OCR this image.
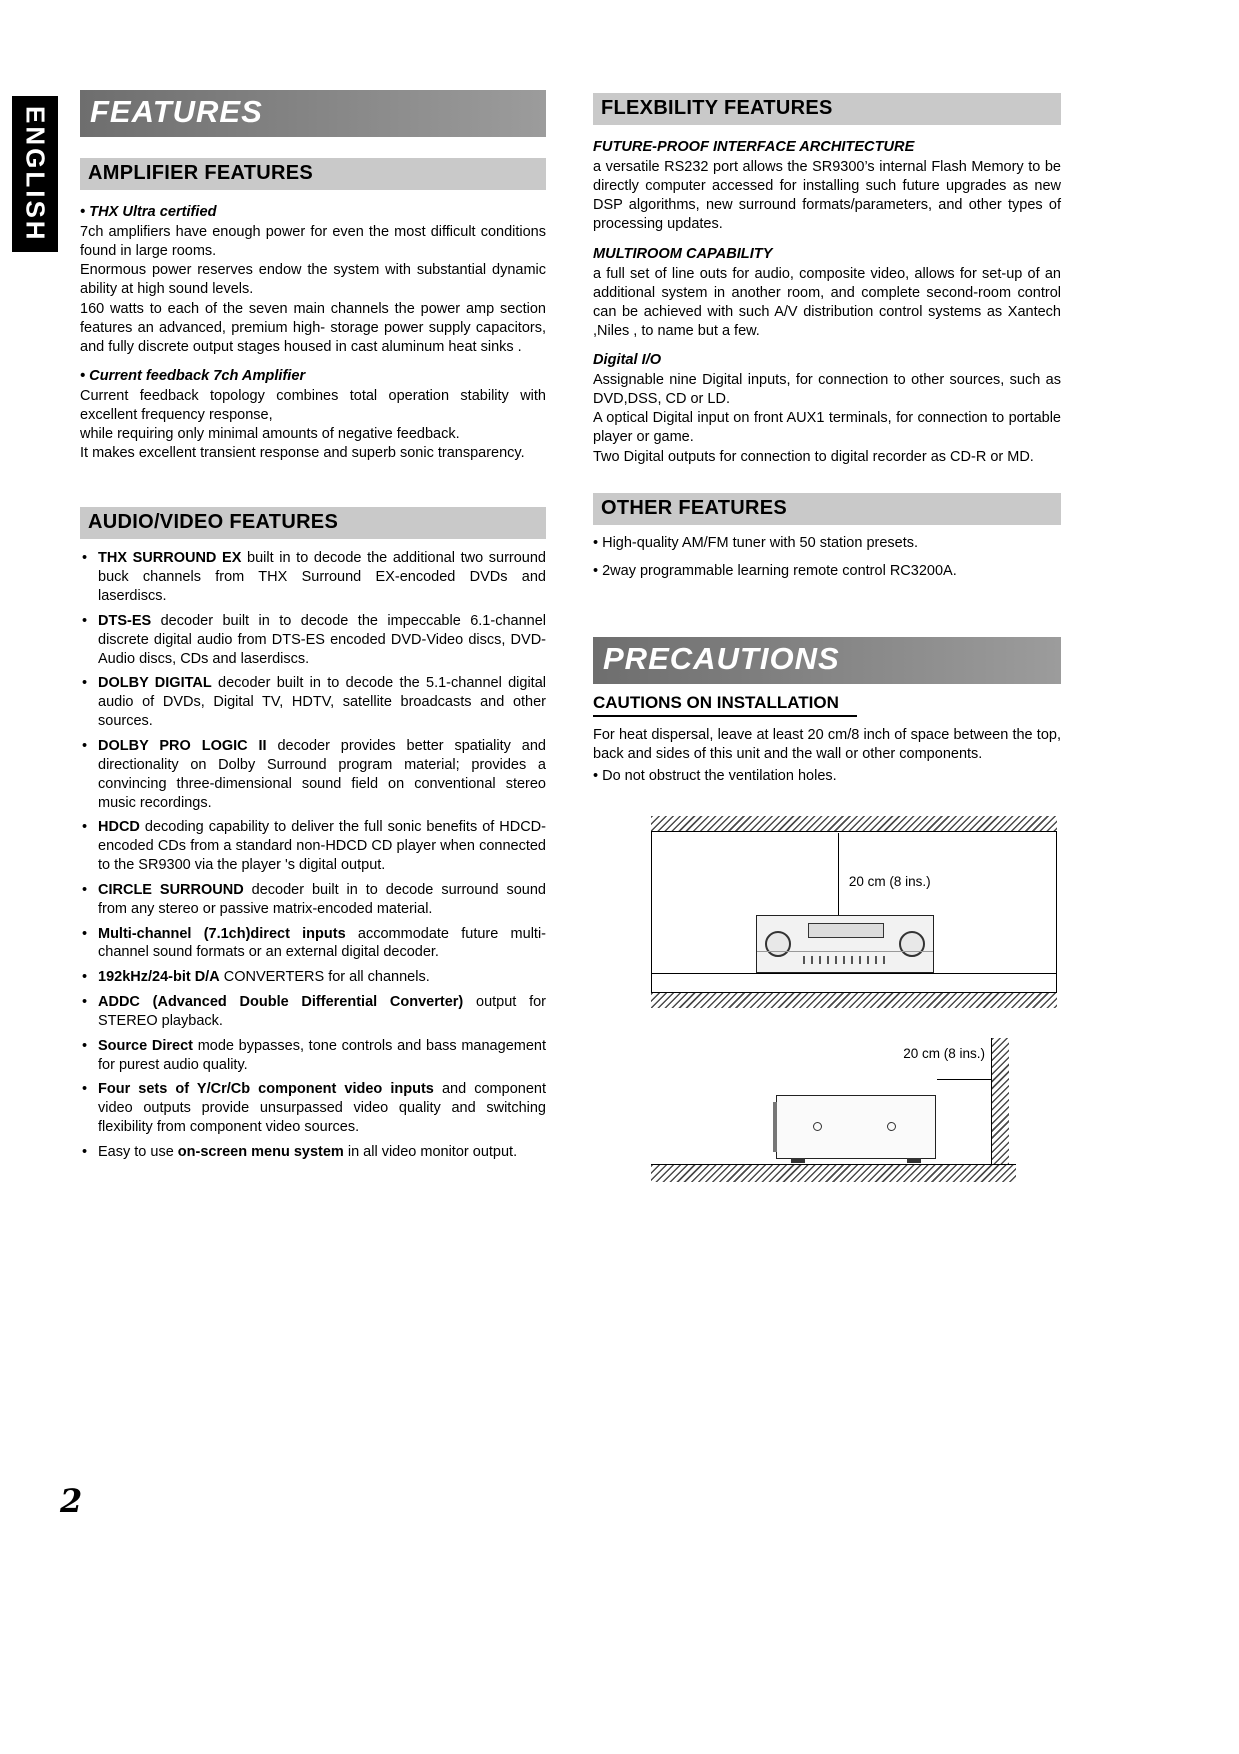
ENGLISH	FEATURES
AMPLIFIER FEATURES
• THX Ultra certified

7ch amplifiers have enough power for even the most difficult conditions found in large rooms.

Enormous power reserves endow the system with substantial dynamic ability at high sound levels.

160 watts to each of the seven main channels the power amp section features an advanced, premium high- storage power supply capacitors, and fully discrete output stages housed in cast aluminum heat sinks .

• Current feedback 7ch Amplifier

Current feedback topology combines total operation stability with excellent frequency response,

while requiring only minimal amounts of negative feedback.

It makes excellent transient response and superb sonic transparency.

AUDIO/VIDEO FEATURES
• THX SURROUND EX built in to decode the additional two surround buck channels from THX Surround EX-encoded DVDs and laserdiscs.
• DTS-ES decoder built in to decode the impeccable 6.1-channel discrete digital audio from DTS-ES encoded DVD-Video discs, DVD-Audio discs, CDs and laserdiscs.
• DOLBY DIGITAL decoder built in to decode the 5.1-channel digital audio of DVDs, Digital TV, HDTV, satellite broadcasts and other sources.
• DOLBY PRO LOGIC II decoder provides better spatiality and directionality on Dolby Surround program material; provides a convincing three-dimensional sound field on conventional stereo music recordings.
• HDCD decoding capability to deliver the full sonic benefits of HDCD-encoded CDs from a standard non-HDCD CD player when connected to the SR9300 via the player 's digital output.
• CIRCLE SURROUND decoder built in to decode surround sound from any stereo or passive matrix-encoded material.
• Multi-channel (7.1ch)direct inputs accommodate future multi-channel sound formats or an external digital decoder.
• 192kHz/24-bit D/A CONVERTERS for all channels.
• ADDC (Advanced Double Differential Converter) output for STEREO playback.
• Source Direct mode bypasses, tone controls and bass management for purest audio quality.
• Four sets of Y/Cr/Cb component video inputs and component video outputs provide unsurpassed video quality and switching flexibility from component video sources.
• Easy to use on-screen menu system in all video monitor output.
FLEXBILITY FEATURES
FUTURE-PROOF INTERFACE ARCHITECTURE

a versatile RS232 port allows the SR9300’s internal Flash Memory to be directly computer accessed for installing such future upgrades as new DSP algorithms, new surround formats/parameters, and other types of processing updates.

MULTIROOM CAPABILITY

a full set of line outs for audio, composite video, allows for set-up of an additional system in another room, and complete second-room control can be achieved with such A/V distribution control systems as Xantech ,Niles , to name but a few.

Digital I/O

Assignable nine Digital inputs, for connection to other sources, such as DVD,DSS, CD or LD.

A optical Digital input on front AUX1 terminals, for connection to portable player or game.

Two Digital outputs for connection to digital recorder as CD-R or MD.

OTHER FEATURES

• High-quality AM/FM tuner with 50 station presets.

• 2way programmable learning remote control RC3200A.

PRECAUTIONS
CAUTIONS ON INSTALLATION

For heat dispersal, leave at least 20 cm/8 inch of space between the top, back and sides of this unit and the wall or other components.

• Do not obstruct the ventilation holes.

20 cm (8 ins.)
20 cm (8 ins.)
2
